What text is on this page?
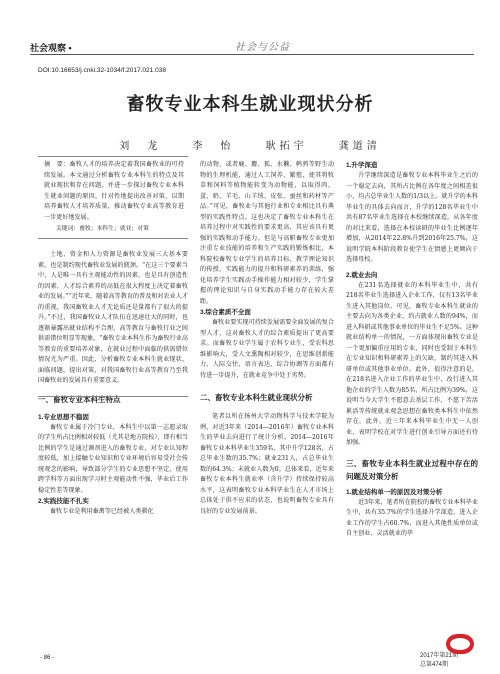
社会观察 •	社会与公益
DOI:10.16653/j.cnki.32-1034/f.2017.021.038
畜牧专业本科生就业现状分析
刘　龙	李　怡	耿拓宇	龚道清
摘　要：畜牧人才的培养决定着我国畜牧业的可持续发展。本文通过分析畜牧专业本科生的特点及其就业现状和存在问题，并进一步探讨畜牧专业本科生就业问题的原因，针对性地提出改善对策，以期培养畜牧人才培养质量，推动畜牧专业高等教育进一步更好地发展。
关键词：畜牧；本科生；就业；对策

土地、资金和人力资源是畜牧业发展三大基本要素，也是制约现代畜牧业发展的瓶颈。“在这三个要素当中，人是唯一具有主观能动性的因素，也是具有创造性的因素，人才综合素养的高低在很大程度上决定着畜牧业的发展。”“近年来，随着高等教育的普及和对农业人才的重视，我国畜牧业人才无论质还是量都有了很大的提升。”不过，我国畜牧业人才队伍在迅速壮大的同时，也逐渐暴露出就业结构不合理、高等教育与畜牧行业之间供需错位明显等现象。“畜牧专业本科生作为畜牧行业高等教育的重要培养对象，在就业过程中面临的供需错位情况尤为严重。因此，分析畜牧专业本科生就业现状、面临问题，提出对策，对我国畜牧行业高等教育乃至我国畜牧业的发展具有重要意义。

一、畜牧专业本科生特点
1.专业思想不稳固

畜牧专业属于冷门专业，本科生中以第一志愿录取的学生所占比例相对较低（尤其是地方院校），即有相当比例的学生是通过调剂进入的畜牧专业，对专业认知程度较低，加上接触专业知识和专业环境后容易受社会传统观念的影响，导致部分学生的专业思想不坚定、使用跨学科等方面出现学习时主观能动性不强，毕业后工作稳定性差等现象。

2.实践技能不扎实

畜牧专业是利用畜禽等已经被人类驯化

的动物，或者鹿、麝、狐、水獭、鹌鹑等野生动物的生理机能，通过人工饲养、繁殖，使其将牧草和饲料等植物能转变为动物能，以取得肉、蛋、奶、羊毛、山羊绒、皮张、蚕丝和药材等产品。”可见，畜牧业与其他行业和专业相比具有典型的实践性特点。这也决定了畜牧专业本科生在培养过程中对实践性的要求更高，其应该具有更强的实践和动手能力。但是与高职畜牧专业更加注重专业技能的培养和生产实践的锻炼相比，本科院校畜牧专业学生的培养目标、教学理论知识的传授、实践能力的提升和科研素养的训练，强化培养学生实践动手操作能力相对较少，学生掌握的理论知识与自身实践动手能力存在较大差距。

3.综合素质不全面

畜牧业要实现可持续发展需要全面发展的复合型人才，这对畜牧人才的综合素质提出了更高要求。而畜牧专业学生属于农科专业生，受农科思维影响大，受人文熏陶相对较少，在思维创新能力、人际交往、语言表达、综合协调等方面都有待进一步提升，在就业竞争中处于劣势。

二、畜牧专业本科生就业现状分析

笔者以所在扬州大学动物科学与技术学院为例，对近3年来（2014—2016年）畜牧专业本科生的毕业去向进行了统计分析。2014—2016年畜牧专业本科毕业生359名，其中升学128名，占总毕业生数的35.7%；就业231人，占总毕业生数的64.3%；未就业人数为0。总体来看，近年来畜牧专业本科生就业率（含升学）持续保持较高水平，这表明畜牧专业本科毕业生在人才市场上总体处于供不应求的状态，也说明畜牧专业具有良好的专业发展前景。

1.升学深造

升学继续深造是畜牧专业本科毕业生之后的一个稳定去向，其所占比例在各年度之间相差很小，均占总毕业生人数的1/3以上。就升学的本科毕业生的具体去向而言，升学的128名毕业生中共有87名毕业生选择在本校继续深造。从各年度的对比来看，选择在本校读研的毕业生比例逐年增加，从2014年22.8%升到2016年25.7%，这说明学院本科阶段教育使学生在情感上更倾向于选择母校。

2.就业去向

在231名选择就业的本科毕业生中，共有218名毕业生选择进入企业工作，仅有13名毕业生进入其他岗位。可见，畜牧专业本科生就业的主要去向为各类企业，约占就业人数的94%，而进入科研或其他事业单位的毕业生不足5%。这种就业结构单一的情况，一方面体现出畜牧专业是一个更加偏重应用的专业，同时也受制于本科生在专业知识和科研素养上的欠缺，制约其进入科研单位或其他事业单位。此外，值得注意的是，在218名进入企业工作的毕业生中，改行进入其他企业的学生人数为85名，所占比例为39%，这说明当今大学生不愿意去基层工作，不愿下苦活累活等传统就业观念思想在畜牧类本科生中依然存在。此外，近三年来本科毕业生中无一人创业，表明学校在对学生进行创业引导方面还有待加强。

三、畜牧专业本科生就业过程中存在的问题及对策分析
1.就业结构单一的原因及对策分析

近3年来，笔者所在院校的畜牧专业本科毕业生中，共有35.7%的学生选择升学深造，进入企业工作的学生占60.7%，而进入其他性质单位或自主创业、灵活就业的毕

- 86 -	2017年第21期
总第474期
